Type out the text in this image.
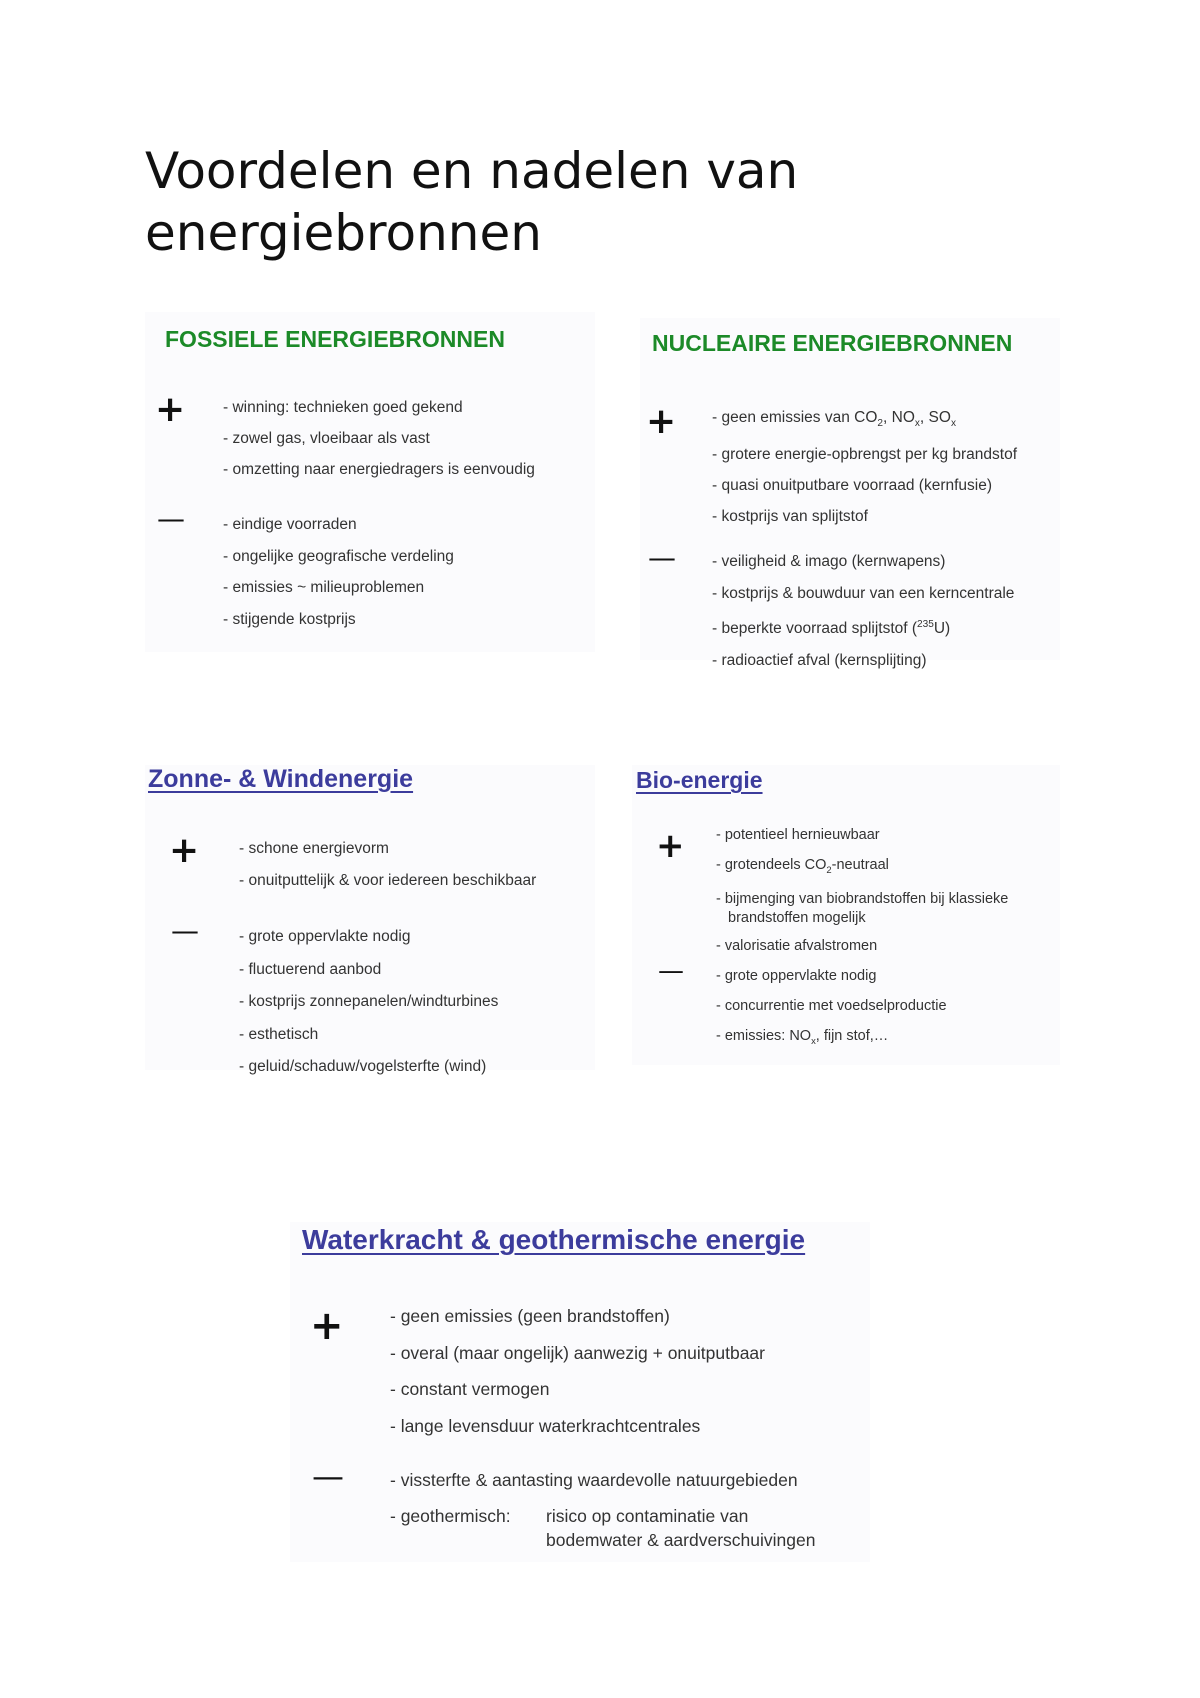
Voordelen en nadelen van energiebronnen
FOSSIELE ENERGIEBRONNEN
+ - winning: technieken goed gekend
- zowel gas, vloeibaar als vast
- omzetting naar energiedragers is eenvoudig
— - eindige voorraden
- ongelijke geografische verdeling
- emissies ~ milieuproblemen
- stijgende kostprijs
NUCLEAIRE ENERGIEBRONNEN
+ - geen emissies van $CO_2$, $NO_x$, $SO_x$
- grotere energie-opbrengst per kg brandstof
- quasi onuitputbare voorraad (kernfusie)
- kostprijs van splijtstof
— - veiligheid & imago (kernwapens)
- kostprijs & bouwduur van een kerncentrale
- beperkte voorraad splijtstof ($^{235}$U)
- radioactief afval (kernsplijting)
Zonne- & Windenergie
+	- schone energievorm
- onuitputtelijk & voor iedereen beschikbaar
—	- grote oppervlakte nodig
- fluctuerend aanbod
- kostprijs zonnepanelen/windturbines
- esthetisch
- geluid/schaduw/vogelsterfte (wind)
Bio-energie
+ - potentieel hernieuwbaar
- grotendeels $CO_2$-neutraal
- bijmenging van biobrandstoffen bij klassieke
brandstoffen mogelijk
- valorisatie afvalstromen
— - grote oppervlakte nodig
- concurrentie met voedselproductie
- emissies: $NO_x$, fijn stof,…
Waterkracht & geothermische energie
+	- geen emissies (geen brandstoffen)
- overal (maar ongelijk) aanwezig + onuitputbaar
- constant vermogen
- lange levensduur waterkrachtcentrales
—	- vissterfte & aantasting waardevolle natuurgebieden
- geothermisch: risico op contaminatie van
bodemwater & aardverschuivingen
